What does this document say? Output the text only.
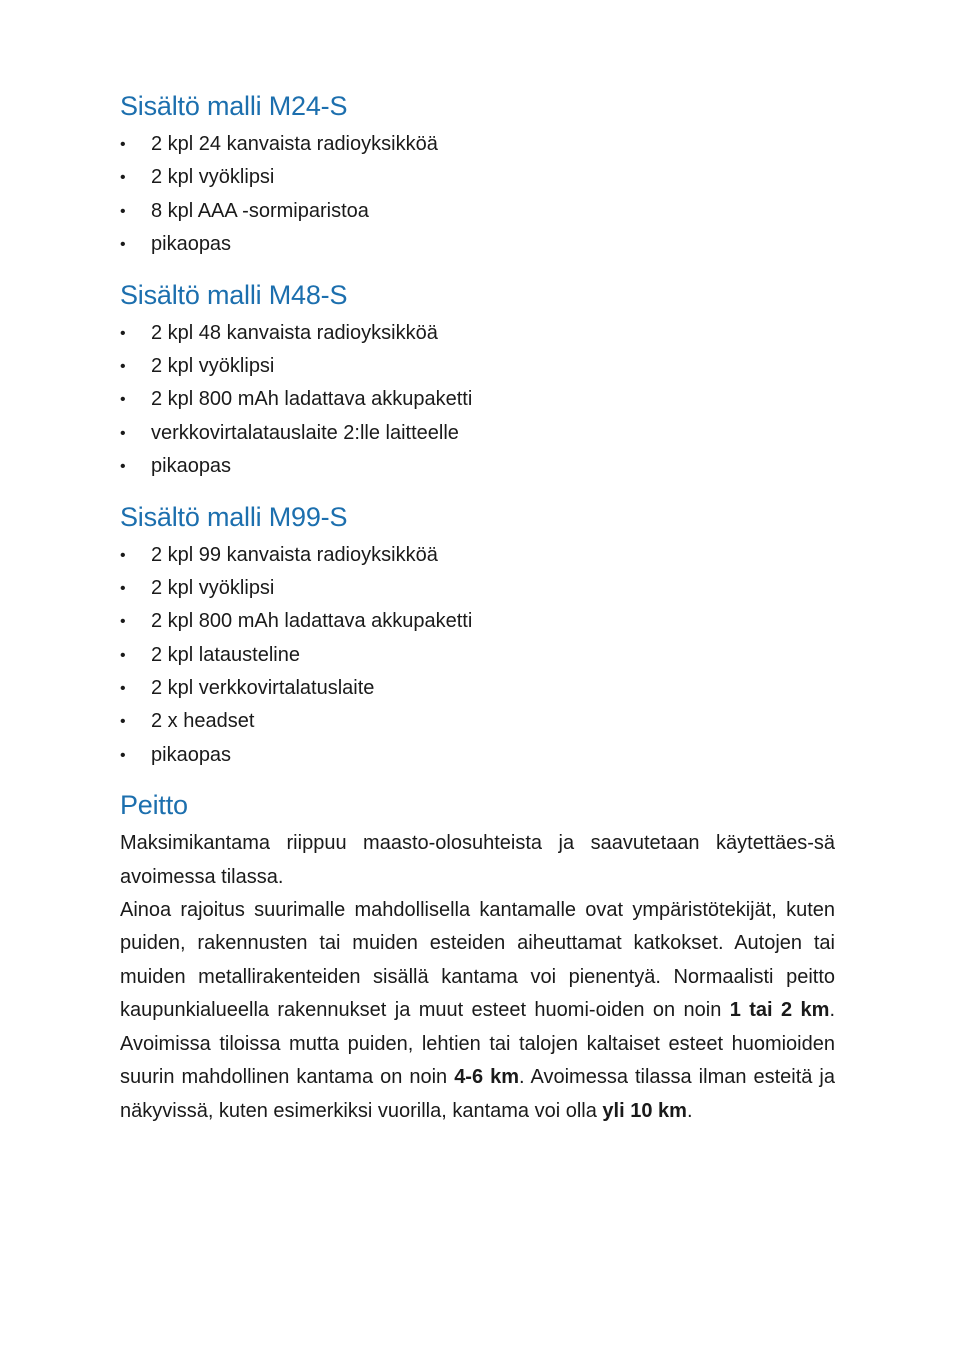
Sisältö malli M24-S
• 2 kpl 24 kanvaista radioyksikköä
• 2 kpl vyöklipsi
• 8 kpl AAA -sormiparistoa
• pikaopas
Sisältö malli M48-S
• 2 kpl 48 kanvaista radioyksikköä
• 2 kpl vyöklipsi
• 2 kpl 800 mAh ladattava akkupaketti
• verkkovirtalatauslaite 2:lle laitteelle
• pikaopas
Sisältö malli M99-S
• 2 kpl 99 kanvaista radioyksikköä
• 2 kpl vyöklipsi
• 2 kpl 800 mAh ladattava akkupaketti
• 2 kpl latausteline
• 2 kpl verkkovirtalatuslaite
• 2 x headset
• pikaopas
Peitto

Maksimikantama riippuu maasto-olosuhteista ja saavutetaan käytettäes-sä avoimessa tilassa.

Ainoa rajoitus suurimalle mahdollisella kantamalle ovat ympäristötekijät, kuten puiden, rakennusten tai muiden esteiden aiheuttamat katkokset. Autojen tai muiden metallirakenteiden sisällä kantama voi pienentyä. Normaalisti peitto kaupunkialueella rakennukset ja muut esteet huomi-oiden on noin 1 tai 2 km. Avoimissa tiloissa mutta puiden, lehtien tai talojen kaltaiset esteet huomioiden suurin mahdollinen kantama on noin 4-6 km. Avoimessa tilassa ilman esteitä ja näkyvissä, kuten esimerkiksi vuorilla, kantama voi olla yli 10 km.
